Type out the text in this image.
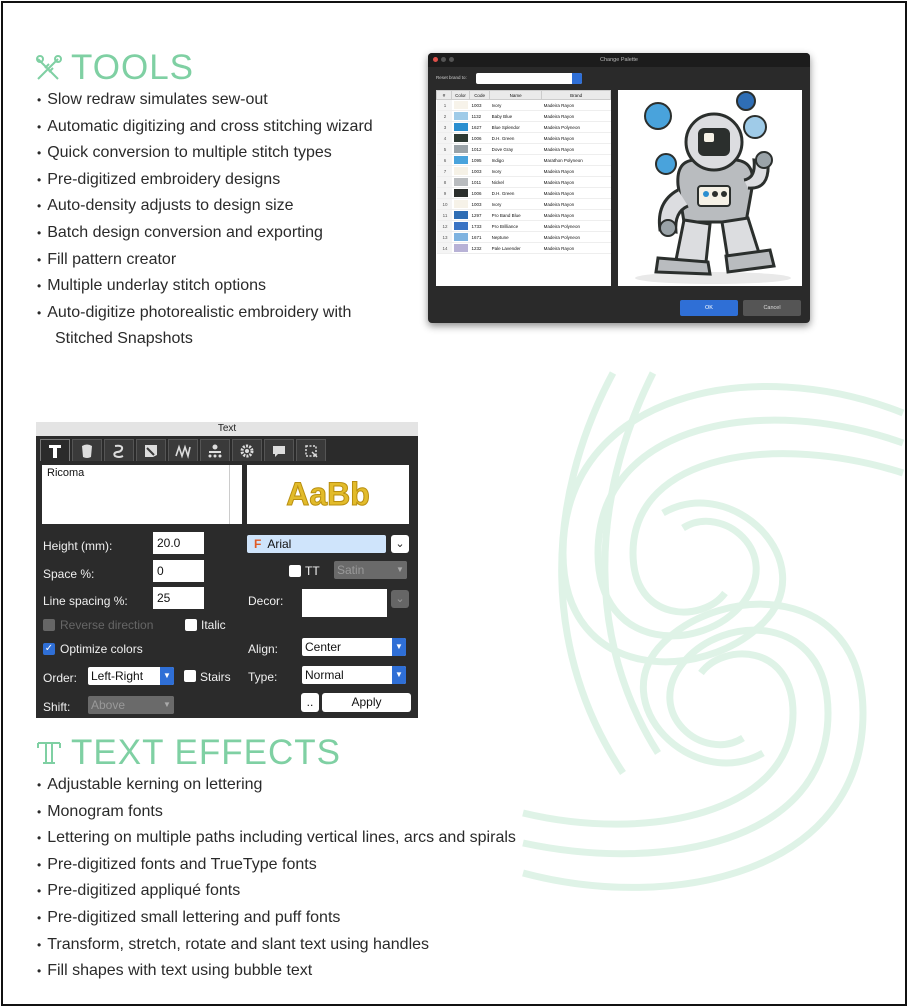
TOOLS
• Slow redraw simulates sew-out
• Automatic digitizing and cross stitching wizard
• Quick conversion to multiple stitch types
• Pre-digitized embroidery designs
• Auto-density adjusts to design size
• Batch design conversion and exporting
• Fill pattern creator
• Multiple underlay stitch options
• Auto-digitize photorealistic embroidery with
Stitched Snapshots
Change Palette
Reset brand to:
#	Color	Code	Name	Brand
1		1003	Ivory	Madeira Rayon
2		1132	Baby Blue	Madeira Rayon
3		1627	Blue Splendor	Madeira Polyneon
4		1006	D.H. Green	Madeira Rayon
5		1012	Dove Gray	Madeira Rayon
6		1095	Indigo	Marathon Polyneon
7		1003	Ivory	Madeira Rayon
8		1011	Nickel	Madeira Rayon
9		1006	D.H. Green	Madeira Rayon
10		1003	Ivory	Madeira Rayon
11		1297	Pro Band Blue	Madeira Rayon
12		1733	Pro Brilliance	Madeira Polyneon
13		1671	Neptune	Madeira Polyneon
14		1232	Pale Lavender	Madeira Rayon
OK	Cancel
Text
Ricoma
AaBb
Height (mm):	20.0
Space %:	0
Line spacing %:	25
Reverse direction	Italic
✓ Optimize colors
Order: Left-Right	▼ Stairs
Shift: Above	▼
F Arial	⌄
TT Satin	▼
Decor:	⌄
Align: Center	▼
Type: Normal	▼
..	Apply
TEXT EFFECTS
• Adjustable kerning on lettering
• Monogram fonts
• Lettering on multiple paths including vertical lines, arcs and spirals
• Pre-digitized fonts and TrueType fonts
• Pre-digitized appliqué fonts
• Pre-digitized small lettering and puff fonts
• Transform, stretch, rotate and slant text using handles
• Fill shapes with text using bubble text
